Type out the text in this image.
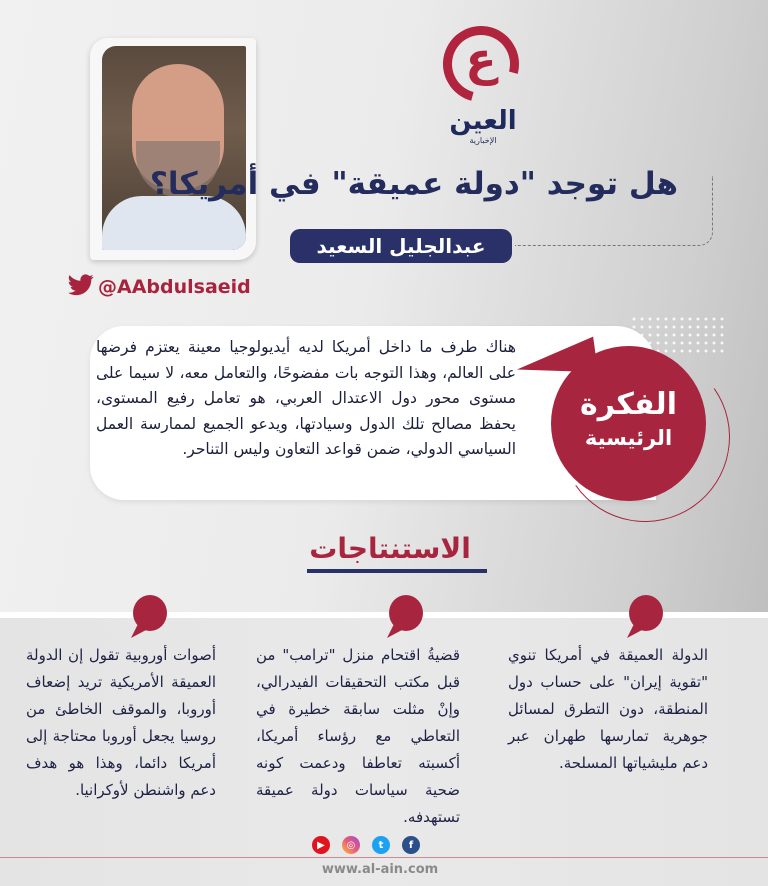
ع
العين
الإخبارية
@AAbdulsaeid
هل توجد "دولة عميقة" في أمريكا؟
عبدالجليل السعيد
هناك طرف ما داخل أمريكا لديه أيديولوجيا معينة يعتزم فرضها على العالم، وهذا التوجه بات مفضوحًا، والتعامل معه، لا سيما على مستوى محور دول الاعتدال العربي، هو تعامل رفيع المستوى، يحفظ مصالح تلك الدول وسيادتها، ويدعو الجميع لممارسة العمل السياسي الدولي، ضمن قواعد التعاون وليس التناحر.
الفكرة
الرئيسية
الاستنتاجات
الدولة العميقة في أمريكا تنوي "تقوية إيران" على حساب دول المنطقة، دون التطرق لمسائل جوهرية تمارسها طهران عبر دعم مليشياتها المسلحة.
قضيةُ اقتحام منزل "ترامب" من قبل مكتب التحقيقات الفيدرالي، وإنْ مثلت سابقة خطيرة في التعاطي مع رؤساء أمريكا، أكسبته تعاطفا ودعمت كونه ضحية سياسات دولة عميقة تستهدفه.
أصوات أوروبية تقول إن الدولة العميقة الأمريكية تريد إضعاف أوروبا، والموقف الخاطئ من روسيا يجعل أوروبا محتاجة إلى أمريكا دائما، وهذا هو هدف دعم واشنطن لأوكرانيا.
▶	◎	t	f
www.al-ain.com
